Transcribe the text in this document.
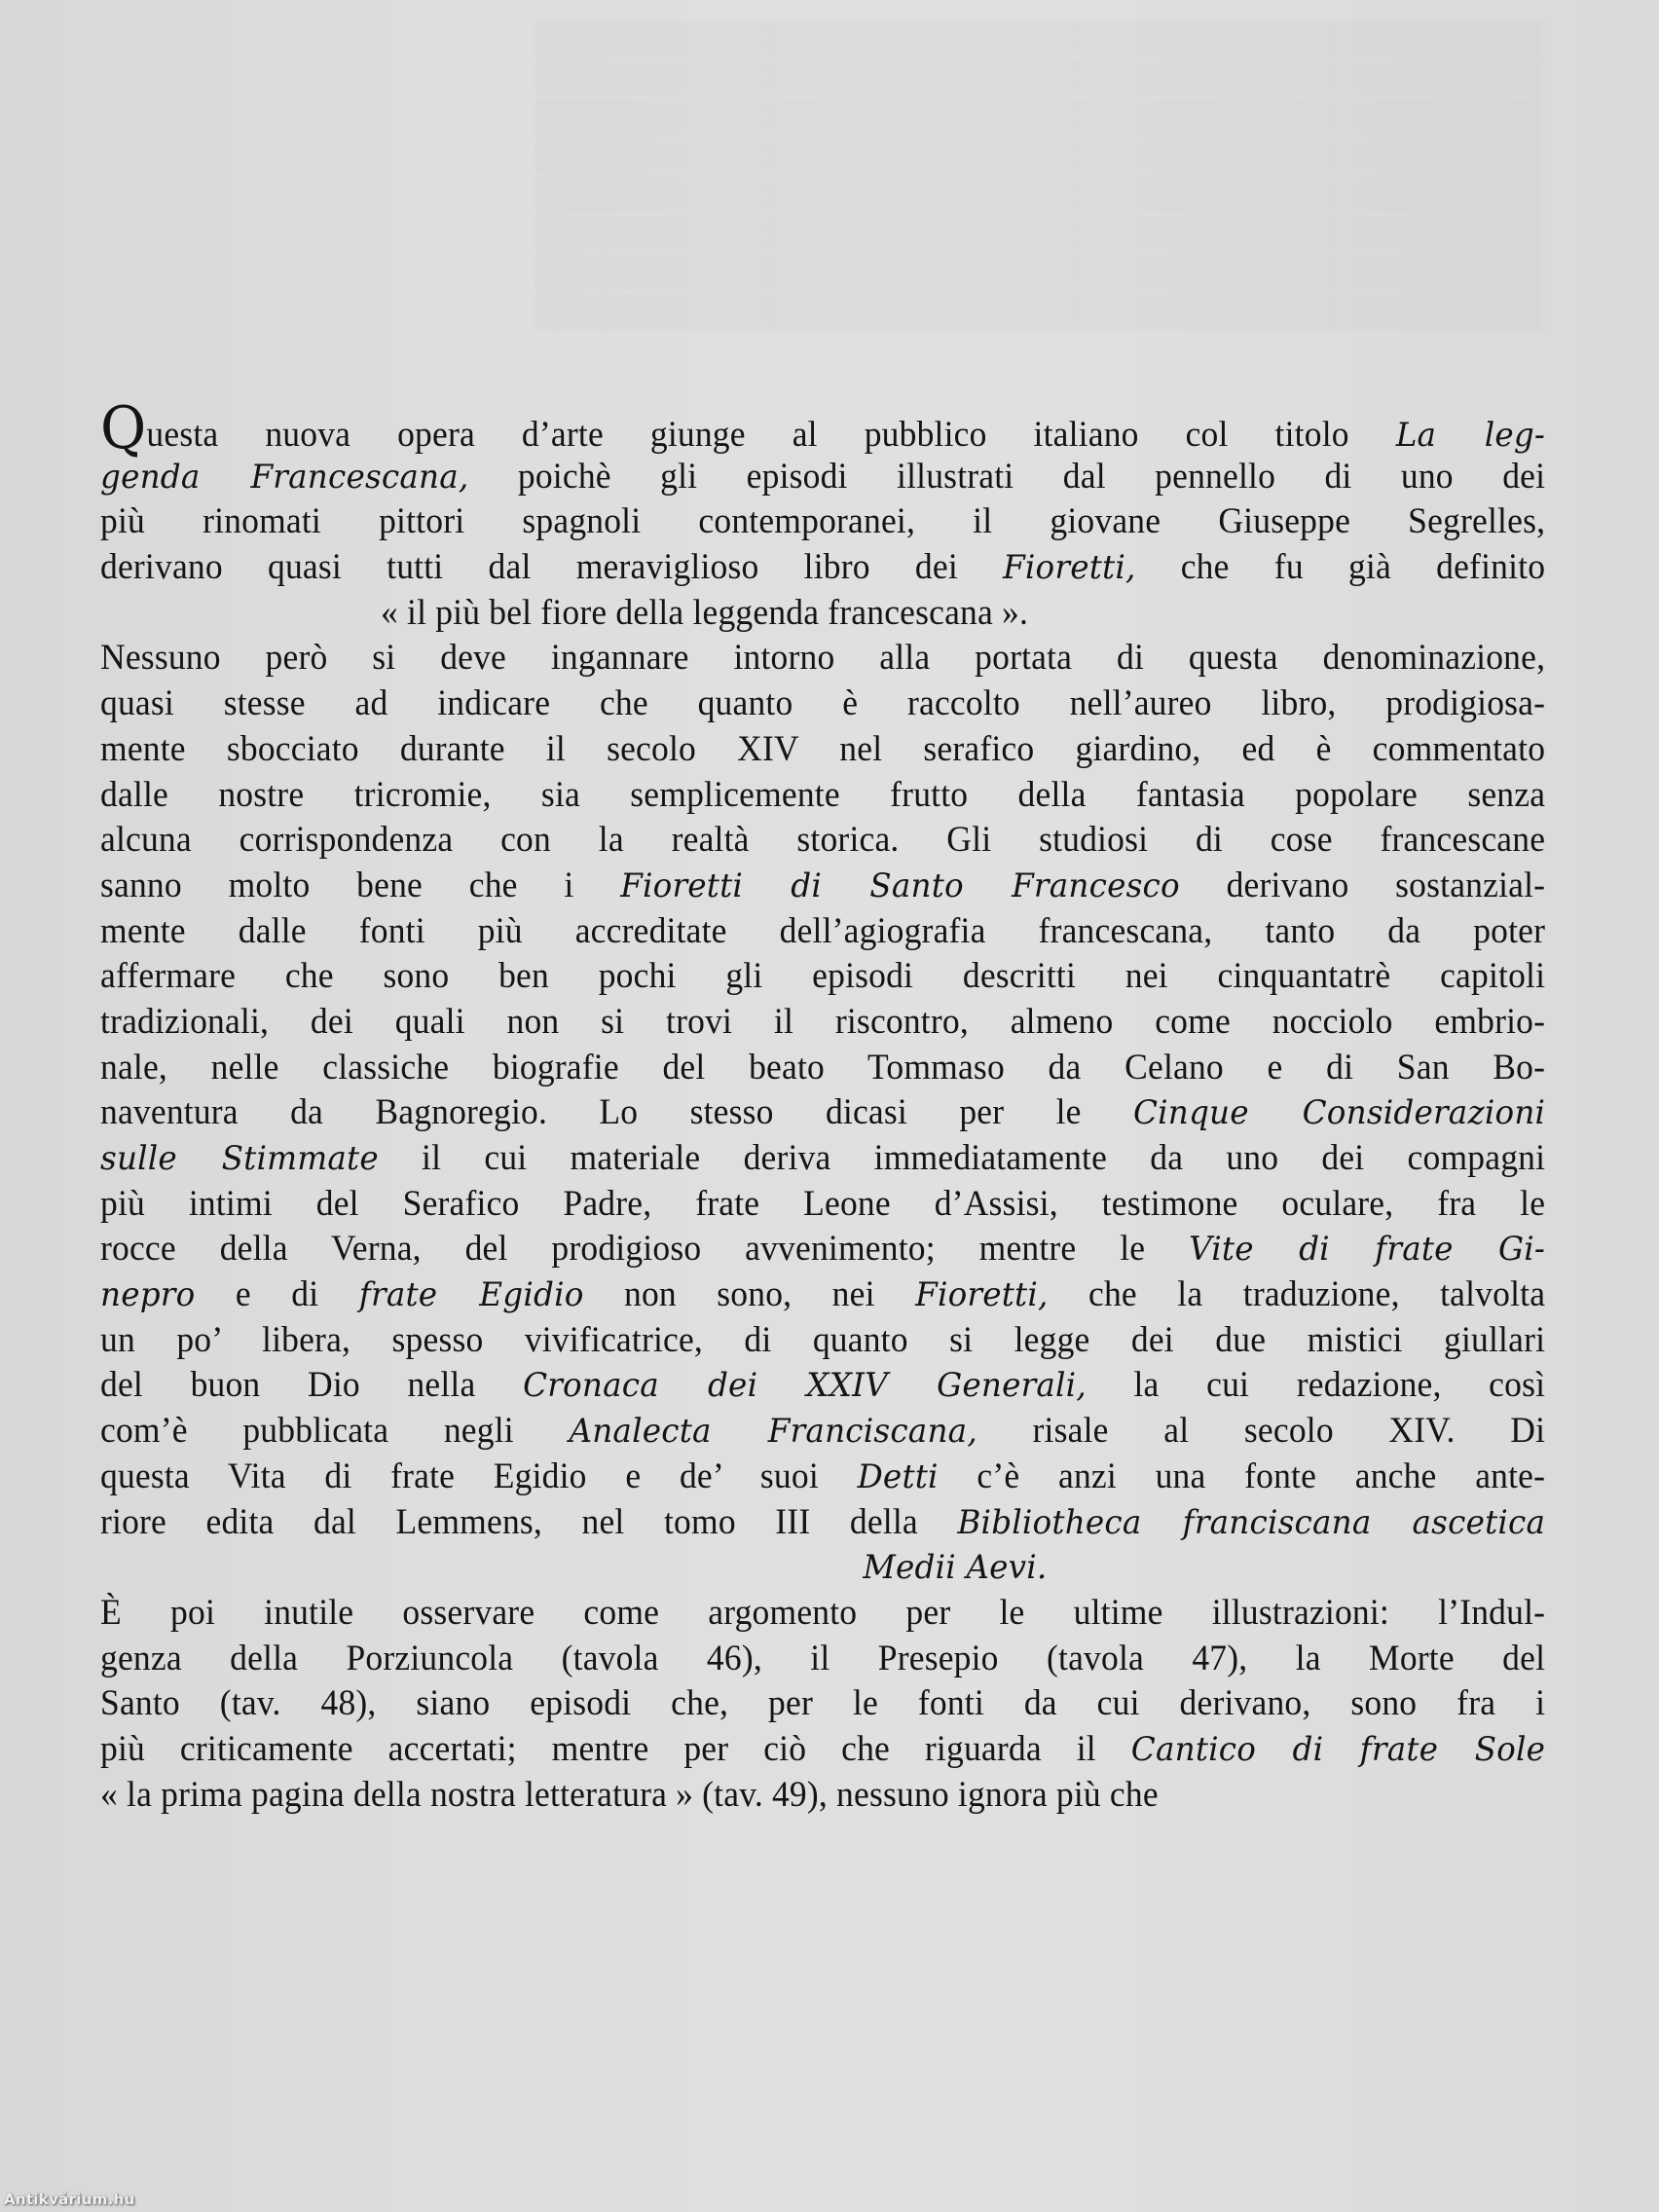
▒▒▒▒▒▒▒▒▒▒▒▒▒▒▒▒▒▒▒▒▒▒▒▒▒▒▒▒▒▒▒▒▒▒▒▒▒▒▒▒▒▒▒
▒▒▒▒▒▒▒▒▒▒▒▒▒▒▒▒▒▒▒▒▒▒▒▒▒▒▒▒▒▒▒▒▒▒▒▒▒▒▒▒▒▒▒
▒▒▒▒▒▒▒▒▒▒▒▒▒▒▒▒▒▒▒▒▒▒▒▒▒▒▒▒▒▒▒▒▒▒▒▒▒▒▒▒▒▒▒
▒▒▒▒▒▒▒▒▒▒▒▒▒▒▒▒▒▒▒▒▒▒▒▒▒▒▒▒▒▒▒▒▒▒▒▒▒▒▒▒▒▒▒
▒▒▒▒▒▒▒▒▒▒▒▒▒▒▒▒▒▒▒▒▒▒▒▒▒▒▒▒▒▒▒▒▒▒▒▒▒▒▒▒▒▒▒
▒▒▒▒▒▒▒▒▒▒▒▒▒▒▒▒▒▒▒▒▒▒▒▒▒▒▒▒▒▒▒▒▒▒▒▒▒▒▒▒▒▒▒
▒▒▒▒▒▒▒▒▒▒▒▒▒▒▒▒▒▒▒▒▒▒▒▒▒▒▒▒▒▒▒▒▒▒▒▒▒▒▒▒▒▒▒
▒▒▒▒▒▒▒▒▒▒▒▒▒▒▒▒▒▒▒▒▒▒▒▒▒▒▒▒▒▒▒▒▒▒▒▒▒▒▒▒▒▒▒
Questa nuova opera d’arte giunge al pubblico italiano col titolo La leg-
genda Francescana, poichè gli episodi illustrati dal pennello di uno dei
più rinomati pittori spagnoli contemporanei, il giovane Giuseppe Segrelles,
derivano quasi tutti dal meraviglioso libro dei Fioretti, che fu già definito
« il più bel fiore della leggenda francescana ».
Nessuno però si deve ingannare intorno alla portata di questa denominazione,
quasi stesse ad indicare che quanto è raccolto nell’aureo libro, prodigiosa-
mente sbocciato durante il secolo XIV nel serafico giardino, ed è commentato
dalle nostre tricromie, sia semplicemente frutto della fantasia popolare senza
alcuna corrispondenza con la realtà storica. Gli studiosi di cose francescane
sanno molto bene che i Fioretti di Santo Francesco derivano sostanzial-
mente dalle fonti più accreditate dell’agiografia francescana, tanto da poter
affermare che sono ben pochi gli episodi descritti nei cinquantatrè capitoli
tradizionali, dei quali non si trovi il riscontro, almeno come nocciolo embrio-
nale, nelle classiche biografie del beato Tommaso da Celano e di San Bo-
naventura da Bagnoregio. Lo stesso dicasi per le Cinque Considerazioni
sulle Stimmate il cui materiale deriva immediatamente da uno dei compagni
più intimi del Serafico Padre, frate Leone d’Assisi, testimone oculare, fra le
rocce della Verna, del prodigioso avvenimento; mentre le Vite di frate Gi-
nepro e di frate Egidio non sono, nei Fioretti, che la traduzione, talvolta
un po’ libera, spesso vivificatrice, di quanto si legge dei due mistici giullari
del buon Dio nella Cronaca dei XXIV Generali, la cui redazione, così
com’è pubblicata negli Analecta Franciscana, risale al secolo XIV. Di
questa Vita di frate Egidio e de’ suoi Detti c’è anzi una fonte anche ante-
riore edita dal Lemmens, nel tomo III della Bibliotheca franciscana ascetica
Medii Aevi.
È poi inutile osservare come argomento per le ultime illustrazioni: l’Indul-
genza della Porziuncola (tavola 46), il Presepio (tavola 47), la Morte del
Santo (tav. 48), siano episodi che, per le fonti da cui derivano, sono fra i
più criticamente accertati; mentre per ciò che riguarda il Cantico di frate Sole
« la prima pagina della nostra letteratura » (tav. 49), nessuno ignora più che
Antikvárium.hu
